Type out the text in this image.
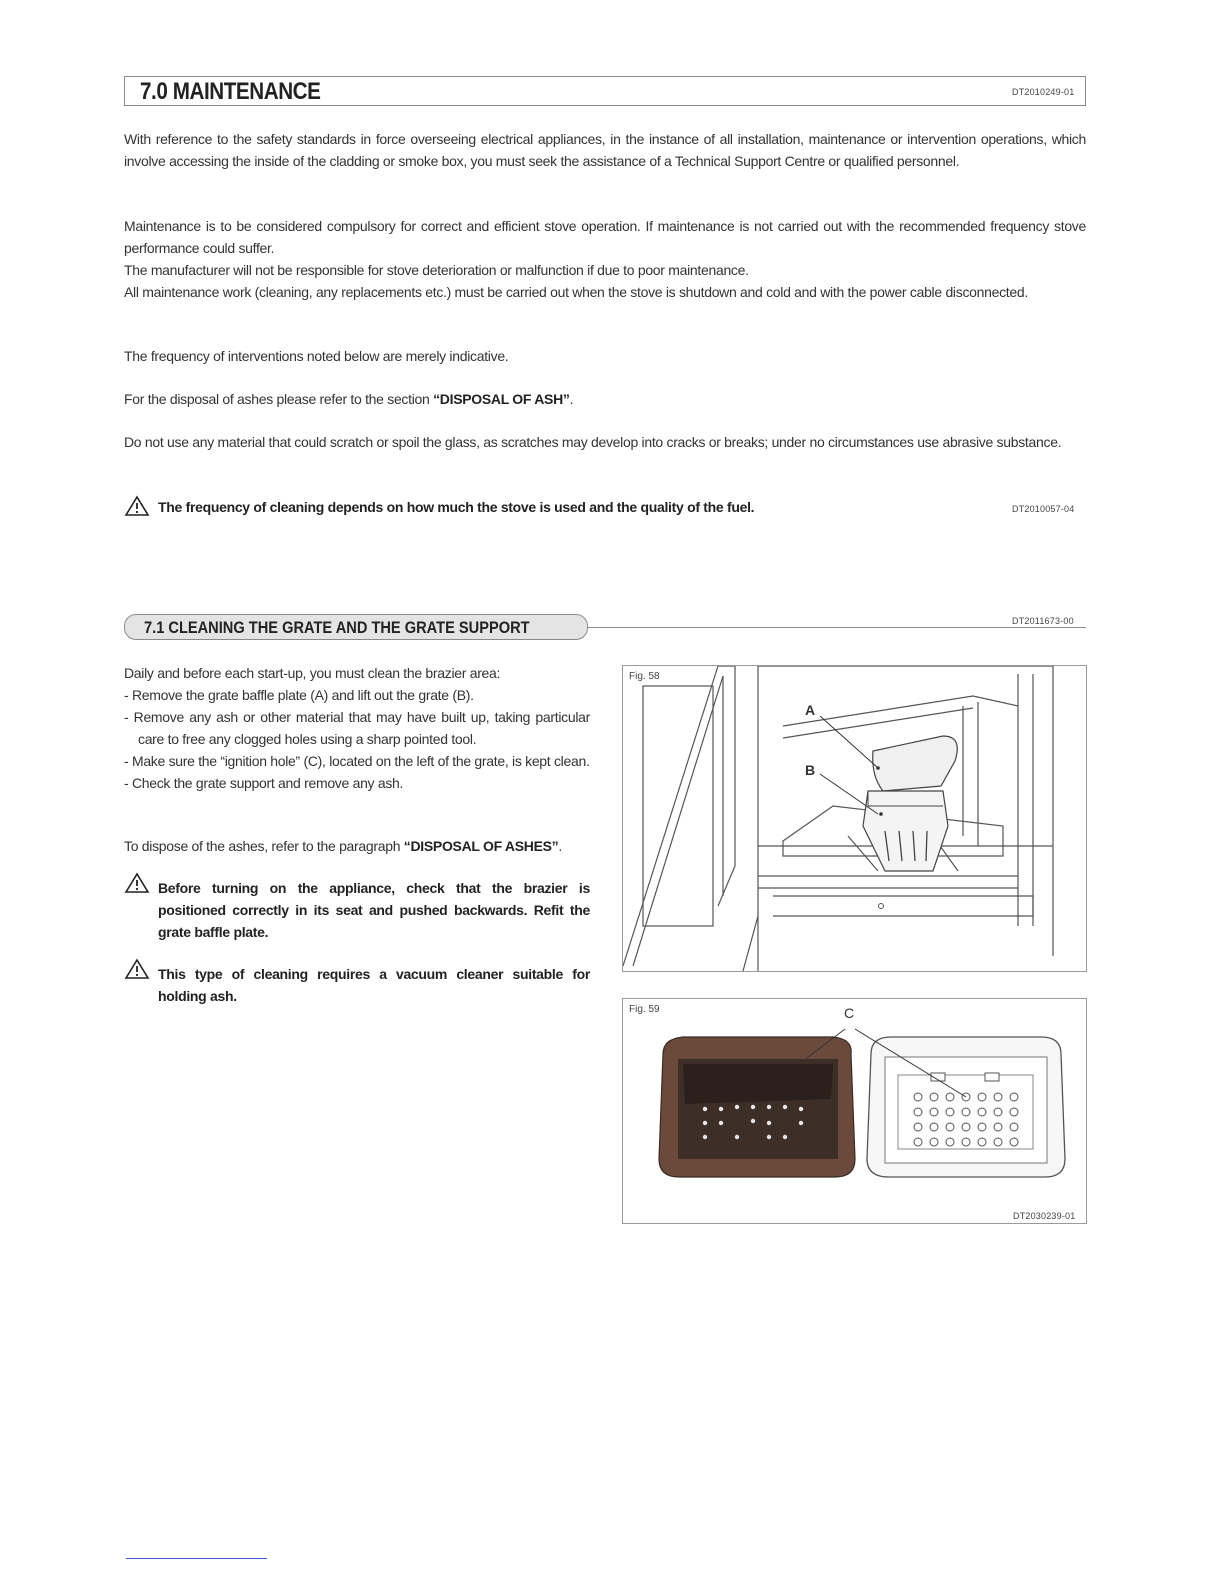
7.0 MAINTENANCE	DT2010249-01
With reference to the safety standards in force overseeing electrical appliances, in the instance of all installation, maintenance or intervention operations, which involve accessing the inside of the cladding or smoke box, you must seek the assistance of a Technical Support Centre or qualified personnel.
Maintenance is to be considered compulsory for correct and efficient stove operation. If maintenance is not carried out with the recommended frequency stove performance could suffer.
The manufacturer will not be responsible for stove deterioration or malfunction if due to poor maintenance.
All maintenance work (cleaning, any replacements etc.) must be carried out when the stove is shutdown and cold and with the power cable disconnected.
The frequency of interventions noted below are merely indicative.
For the disposal of ashes please refer to the section “DISPOSAL OF ASH”.
Do not use any material that could scratch or spoil the glass, as scratches may develop into cracks or breaks; under no circumstances use abrasive substance.
The frequency of cleaning depends on how much the stove is used and the quality of the fuel.	DT2010057-04
7.1 CLEANING THE GRATE AND THE GRATE SUPPORT	DT2011673-00
Daily and before each start-up, you must clean the brazier area:
- Remove the grate baffle plate (A) and lift out the grate (B).
- Remove any ash or other material that may have built up, taking particular care to free any clogged holes using a sharp pointed tool.
- Make sure the “ignition hole” (C), located on the left of the grate, is kept clean.
- Check the grate support and remove any ash.
To dispose of the ashes, refer to the paragraph “DISPOSAL OF ASHES”.
Before turning on the appliance, check that the brazier is positioned correctly in its seat and pushed backwards. Refit the grate baffle plate.
This type of cleaning requires a vacuum cleaner suitable for holding ash.
Fig. 58
A
B
Fig. 59	C
DT2030239-01
